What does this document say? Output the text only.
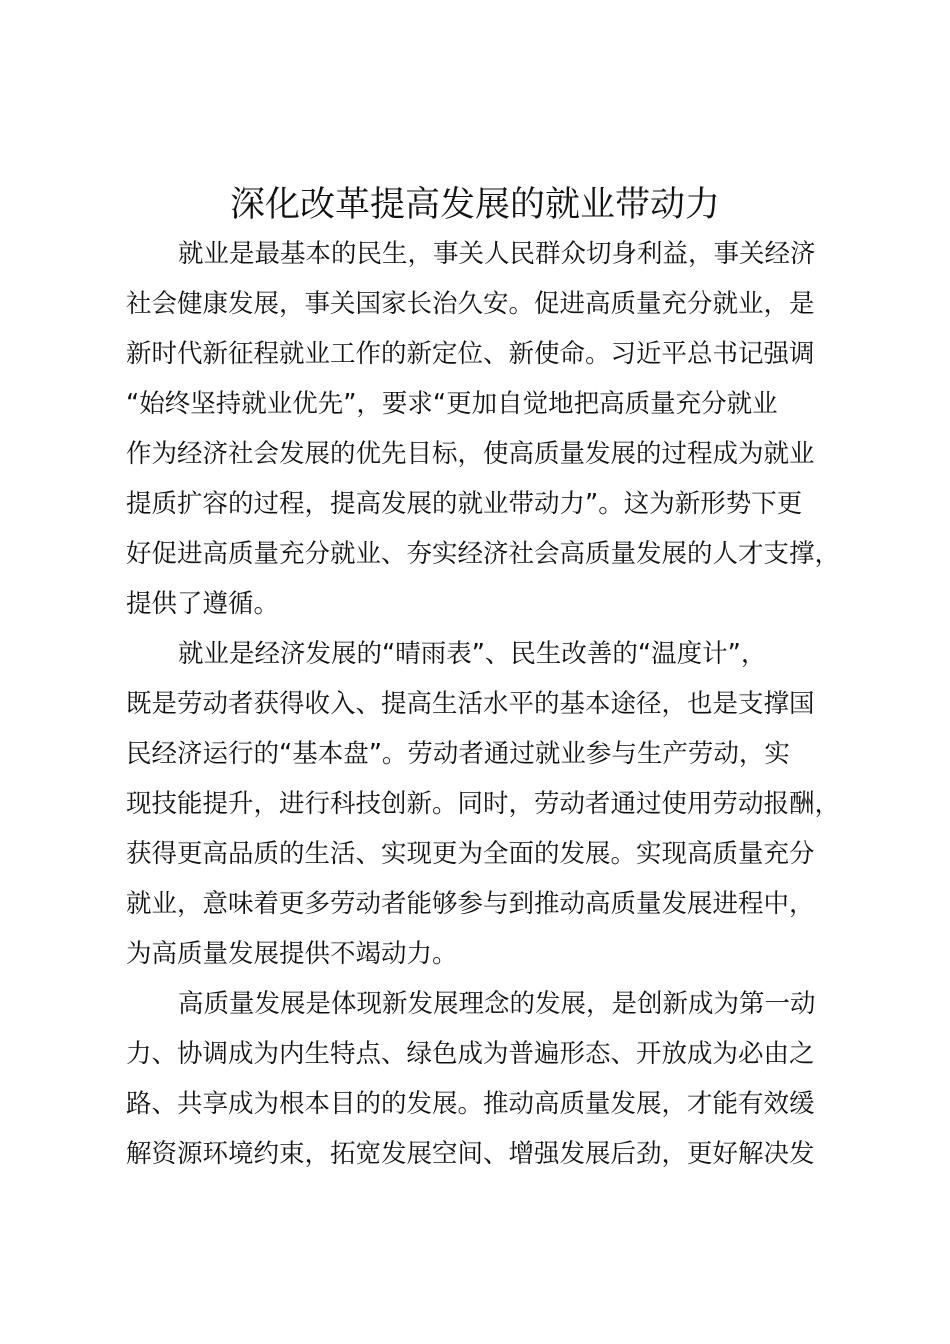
深化改革提高发展的就业带动力
就业是最基本的民生，事关人民群众切身利益，事关经济
社会健康发展，事关国家长治久安。促进高质量充分就业，是
新时代新征程就业工作的新定位、新使命。习近平总书记强调
“始终坚持就业优先”，要求“更加自觉地把高质量充分就业
作为经济社会发展的优先目标，使高质量发展的过程成为就业
提质扩容的过程，提高发展的就业带动力”。这为新形势下更
好促进高质量充分就业、夯实经济社会高质量发展的人才支撑，
提供了遵循。
就业是经济发展的“晴雨表”、民生改善的“温度计”，
既是劳动者获得收入、提高生活水平的基本途径，也是支撑国
民经济运行的“基本盘”。劳动者通过就业参与生产劳动，实
现技能提升，进行科技创新。同时，劳动者通过使用劳动报酬，
获得更高品质的生活、实现更为全面的发展。实现高质量充分
就业，意味着更多劳动者能够参与到推动高质量发展进程中，
为高质量发展提供不竭动力。
高质量发展是体现新发展理念的发展，是创新成为第一动
力、协调成为内生特点、绿色成为普遍形态、开放成为必由之
路、共享成为根本目的的发展。推动高质量发展，才能有效缓
解资源环境约束，拓宽发展空间、增强发展后劲，更好解决发
